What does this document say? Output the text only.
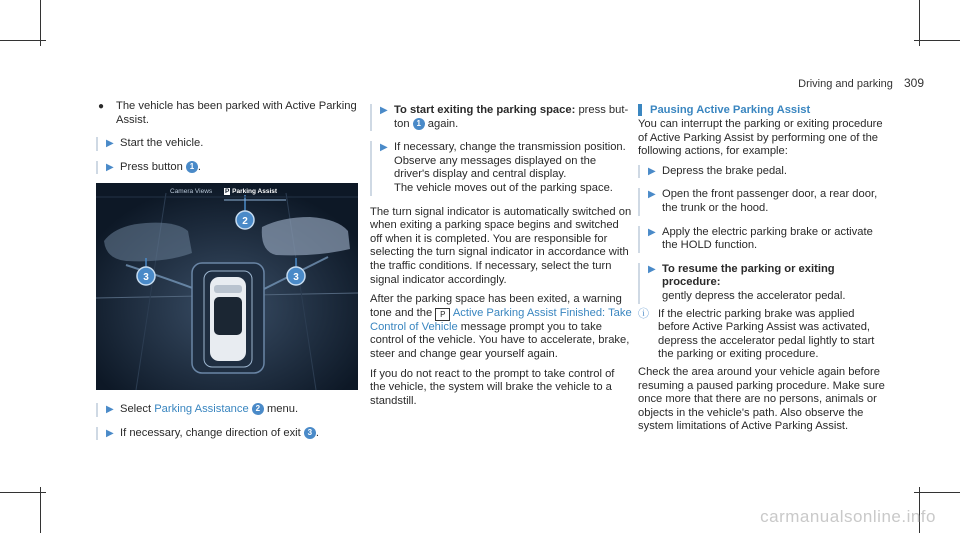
Driving and parking 309
● The vehicle has been parked with Active Parking Assist.
▶ Start the vehicle.
▶ Press button 1 .
2
3	3
Camera Views P Parking Assist
▶ Select Parking Assistance 2 menu.
▶ If necessary, change direction of exit 3 .
▶ To start exiting the parking space: press button 1 again.
▶ If necessary, change the transmission position. Observe any messages displayed on the driver's display and central display.
The vehicle moves out of the parking space.

The turn signal indicator is automatically switched on when exiting a parking space begins and switched off when it is completed. You are responsible for selecting the turn signal indicator in accordance with the traffic conditions. If necessary, select the turn signal indicator accordingly.

After the parking space has been exited, a warning tone and the P Active Parking Assist Finished: Take Control of Vehicle message prompt you to take control of the vehicle. You have to accelerate, brake, steer and change gear yourself again.

If you do not react to the prompt to take control of the vehicle, the system will brake the vehicle to a standstill.

Pausing Active Parking Assist

You can interrupt the parking or exiting procedure of Active Parking Assist by performing one of the following actions, for example:

▶ Depress the brake pedal.
▶ Open the front passenger door, a rear door, the trunk or the hood.
▶ Apply the electric parking brake or activate the HOLD function.
▶ To resume the parking or exiting procedure:
gently depress the accelerator pedal.
ⓘ If the electric parking brake was applied before Active Parking Assist was activated, depress the accelerator pedal lightly to start the parking or exiting procedure.

Check the area around your vehicle again before resuming a paused parking procedure. Make sure once more that there are no persons, animals or objects in the vehicle's path. Also observe the system limitations of Active Parking Assist.

carmanualsonline.info
